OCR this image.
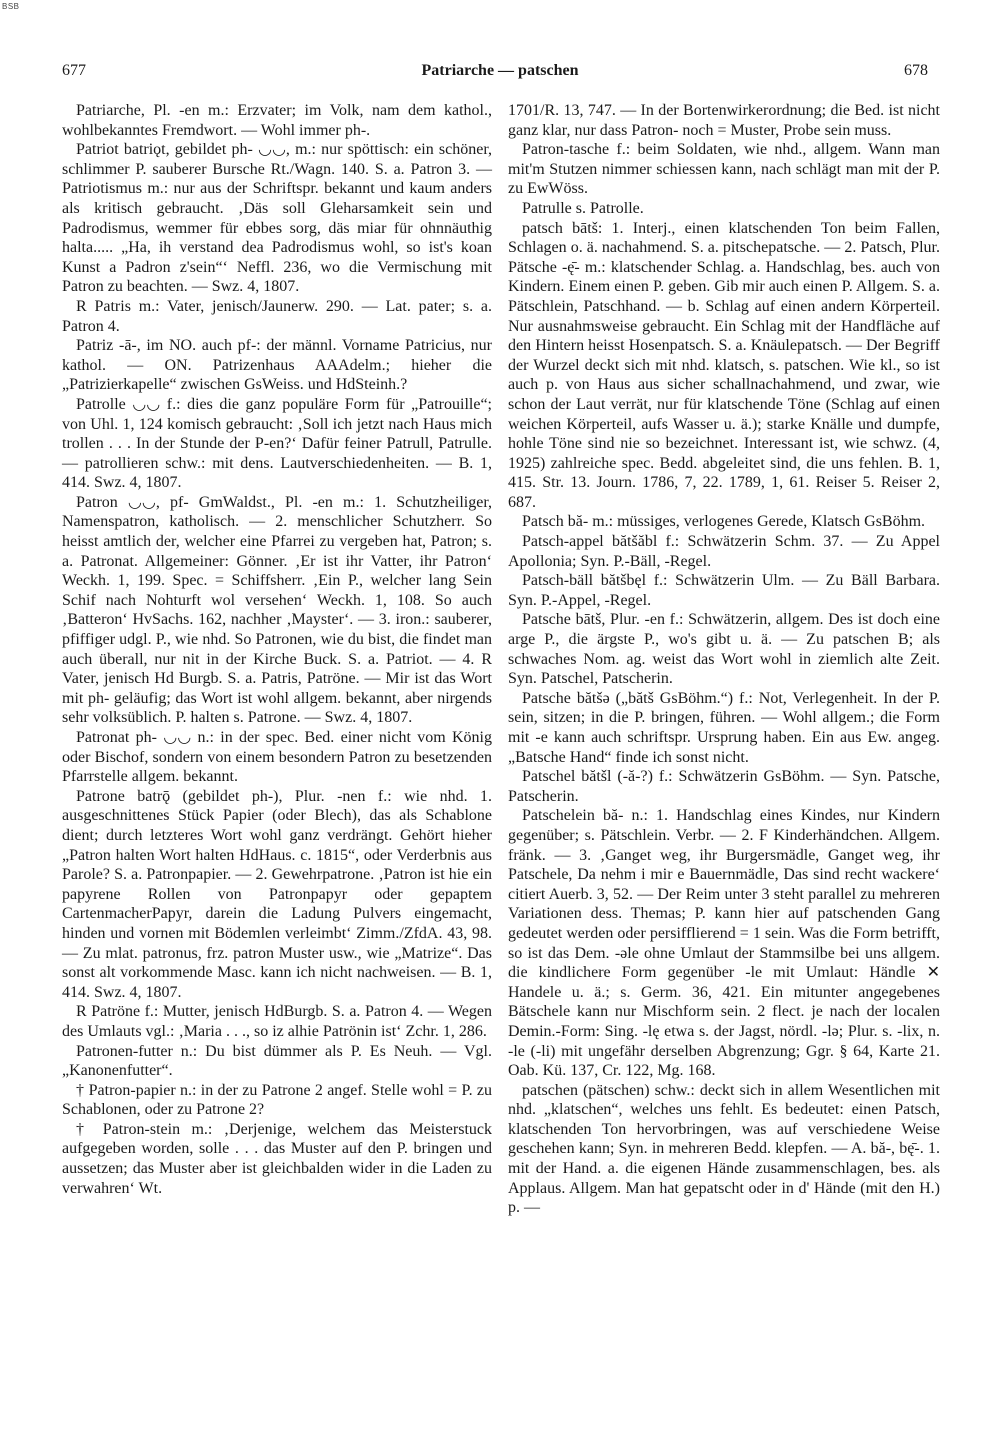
BSB
677	Patriarche — patschen	678

Patriarche, Pl. -en m.: Erzvater; im Volk, nam dem kathol., wohlbekanntes Fremdwort. — Wohl immer ph-.

Patriot batriǫt, gebildet ph- ◡◡, m.: nur spöttisch: ein schöner, schlimmer P. sauberer Bursche Rt./Wagn. 140. S. a. Patron 3. — Patriotismus m.: nur aus der Schriftspr. bekannt und kaum anders als kritisch gebraucht. ‚Däs soll Gleharsamkeit sein und Padrodismus, wemmer für ebbes sorg, däs miar für ohnnäuthig halta..... „Ha, ih verstand dea Padrodismus wohl, so ist's koan Kunst a Padron z'sein“‘ Neffl. 236, wo die Vermischung mit Patron zu beachten. — Swz. 4, 1807.

R Patris m.: Vater, jenisch/Jaunerw. 290. — Lat. pater; s. a. Patron 4.

Patriz -ā-, im NO. auch pf-: der männl. Vorname Patricius, nur kathol. — ON. Patrizenhaus AAAdelm.; hieher die „Patrizierkapelle“ zwischen GsWeiss. und HdSteinh.?

Patrolle ◡◡ f.: dies die ganz populäre Form für „Patrouille“; von Uhl. 1, 124 komisch gebraucht: ‚Soll ich jetzt nach Haus mich trollen . . . In der Stunde der P-en?‘ Dafür feiner Patrull, Patrulle. — patrollieren schw.: mit dens. Lautverschiedenheiten. — B. 1, 414. Swz. 4, 1807.

Patron ◡◡, pf- GmWaldst., Pl. -en m.: 1. Schutzheiliger, Namenspatron, katholisch. — 2. menschlicher Schutzherr. So heisst amtlich der, welcher eine Pfarrei zu vergeben hat, Patron; s. a. Patronat. Allgemeiner: Gönner. ‚Er ist ihr Vatter, ihr Patron‘ Weckh. 1, 199. Spec. = Schiffsherr. ‚Ein P., welcher lang Sein Schif nach Nohturft wol versehen‘ Weckh. 1, 108. So auch ‚Batteron‘ HvSachs. 162, nachher ‚Maysterʻ. — 3. iron.: sauberer, pfiffiger udgl. P., wie nhd. So Patronen, wie du bist, die findet man auch überall, nur nit in der Kirche Buck. S. a. Patriot. — 4. R Vater, jenisch Hd Burgb. S. a. Patris, Patröne. — Mir ist das Wort mit ph- geläufig; das Wort ist wohl allgem. bekannt, aber nirgends sehr volksüblich. P. halten s. Patrone. — Swz. 4, 1807.

Patronat ph- ◡◡ n.: in der spec. Bed. einer nicht vom König oder Bischof, sondern von einem besondern Patron zu besetzenden Pfarrstelle allgem. bekannt.

Patrone batrǭ (gebildet ph-), Plur. -nen f.: wie nhd. 1. ausgeschnittenes Stück Papier (oder Blech), das als Schablone dient; durch letzteres Wort wohl ganz verdrängt. Gehört hieher „Patron halten Wort halten HdHaus. c. 1815“, oder Verderbnis aus Parole? S. a. Patronpapier. — 2. Gewehrpatrone. ‚Patron ist hie ein papyrene Rollen von Patronpapyr oder gepaptem CartenmacherPapyr, darein die Ladung Pulvers eingemacht, hinden und vornen mit Bödemlen verleimbt‘ Zimm./ZfdA. 43, 98. — Zu mlat. patronus, frz. patron Muster usw., wie „Matrize“. Das sonst alt vorkommende Masc. kann ich nicht nachweisen. — B. 1, 414. Swz. 4, 1807.

R Patröne f.: Mutter, jenisch HdBurgb. S. a. Patron 4. — Wegen des Umlauts vgl.: ‚Maria . . ., so iz alhie Patrönin ist‘ Zchr. 1, 286.

Patronen-futter n.: Du bist dümmer als P. Es Neuh. — Vgl. „Kanonenfutter“.

† Patron-papier n.: in der zu Patrone 2 angef. Stelle wohl = P. zu Schablonen, oder zu Patrone 2?

† Patron-stein m.: ‚Derjenige, welchem das Meisterstuck aufgegeben worden, solle . . . das Muster auf den P. bringen und aussetzen; das Muster aber ist gleichbalden wider in die Laden zu verwahren‘ Wt.

1701/R. 13, 747. — In der Bortenwirkerordnung; die Bed. ist nicht ganz klar, nur dass Patron- noch = Muster, Probe sein muss.

Patron-tasche f.: beim Soldaten, wie nhd., allgem. Wann man mit'm Stutzen nimmer schiessen kann, nach schlägt man mit der P. zu EwWöss.

Patrulle s. Patrolle.

patsch bātš: 1. Interj., einen klatschenden Ton beim Fallen, Schlagen o. ä. nachahmend. S. a. pitschepatsche. — 2. Patsch, Plur. Pätsche -ę̄- m.: klatschender Schlag. a. Handschlag, bes. auch von Kindern. Einem einen P. geben. Gib mir auch einen P. Allgem. S. a. Pätschlein, Patschhand. — b. Schlag auf einen andern Körperteil. Nur ausnahmsweise gebraucht. Ein Schlag mit der Handfläche auf den Hintern heisst Hosenpatsch. S. a. Knäulepatsch. — Der Begriff der Wurzel deckt sich mit nhd. klatsch, s. patschen. Wie kl., so ist auch p. von Haus aus sicher schallnachahmend, und zwar, wie schon der Laut verrät, nur für klatschende Töne (Schlag auf einen weichen Körperteil, aufs Wasser u. ä.); starke Knälle und dumpfe, hohle Töne sind nie so bezeichnet. Interessant ist, wie schwz. (4, 1925) zahlreiche spec. Bedd. abgeleitet sind, die uns fehlen. B. 1, 415. Str. 13. Journ. 1786, 7, 22. 1789, 1, 61. Reiser 5. Reiser 2, 687.

Patsch bă- m.: müssiges, verlogenes Gerede, Klatsch GsBöhm.

Patsch-appel bătšăbl f.: Schwätzerin Schm. 37. — Zu Appel Apollonia; Syn. P.-Bäll, -Regel.

Patsch-bäll bătšbęl f.: Schwätzerin Ulm. — Zu Bäll Barbara. Syn. P.-Appel, -Regel.

Patsche bātš, Plur. -en f.: Schwätzerin, allgem. Des ist doch eine arge P., die ärgste P., wo's gibt u. ä. — Zu patschen B; als schwaches Nom. ag. weist das Wort wohl in ziemlich alte Zeit. Syn. Patschel, Patscherin.

Patsche bătšə („bătš GsBöhm.“) f.: Not, Verlegenheit. In der P. sein, sitzen; in die P. bringen, führen. — Wohl allgem.; die Form mit -e kann auch schriftspr. Ursprung haben. Ein aus Ew. angeg. „Batsche Hand“ finde ich sonst nicht.

Patschel bătšl (-ă-?) f.: Schwätzerin GsBöhm. — Syn. Patsche, Patscherin.

Patschelein bă- n.: 1. Handschlag eines Kindes, nur Kindern gegenüber; s. Pätschlein. Verbr. — 2. F Kinderhändchen. Allgem. fränk. — 3. ‚Ganget weg, ihr Burgersmädle, Ganget weg, ihr Patschele, Da nehm i mir e Bauernmädle, Das sind recht wackere‘ citiert Auerb. 3, 52. — Der Reim unter 3 steht parallel zu mehreren Variationen dess. Themas; P. kann hier auf patschenden Gang gedeutet werden oder persifflierend = 1 sein. Was die Form betrifft, so ist das Dem. -əle ohne Umlaut der Stammsilbe bei uns allgem. die kindlichere Form gegenüber -le mit Umlaut: Händle ✕ Handele u. ä.; s. Germ. 36, 421. Ein mitunter angegebenes Bätschele kann nur Mischform sein. 2 flect. je nach der localen Demin.-Form: Sing. -lę etwa s. der Jagst, nördl. -lə; Plur. s. -lix, n. -le (-li) mit ungefähr derselben Abgrenzung; Ggr. § 64, Karte 21. Oab. Kü. 137, Cr. 122, Mg. 168.

patschen (pätschen) schw.: deckt sich in allem Wesentlichen mit nhd. „klatschen“, welches uns fehlt. Es bedeutet: einen Patsch, klatschenden Ton hervorbringen, was auf verschiedene Weise geschehen kann; Syn. in mehreren Bedd. klepfen. — A. bă-, bę̄-. 1. mit der Hand. a. die eigenen Hände zusammenschlagen, bes. als Applaus. Allgem. Man hat gepatscht oder in d' Hände (mit den H.) p. —
